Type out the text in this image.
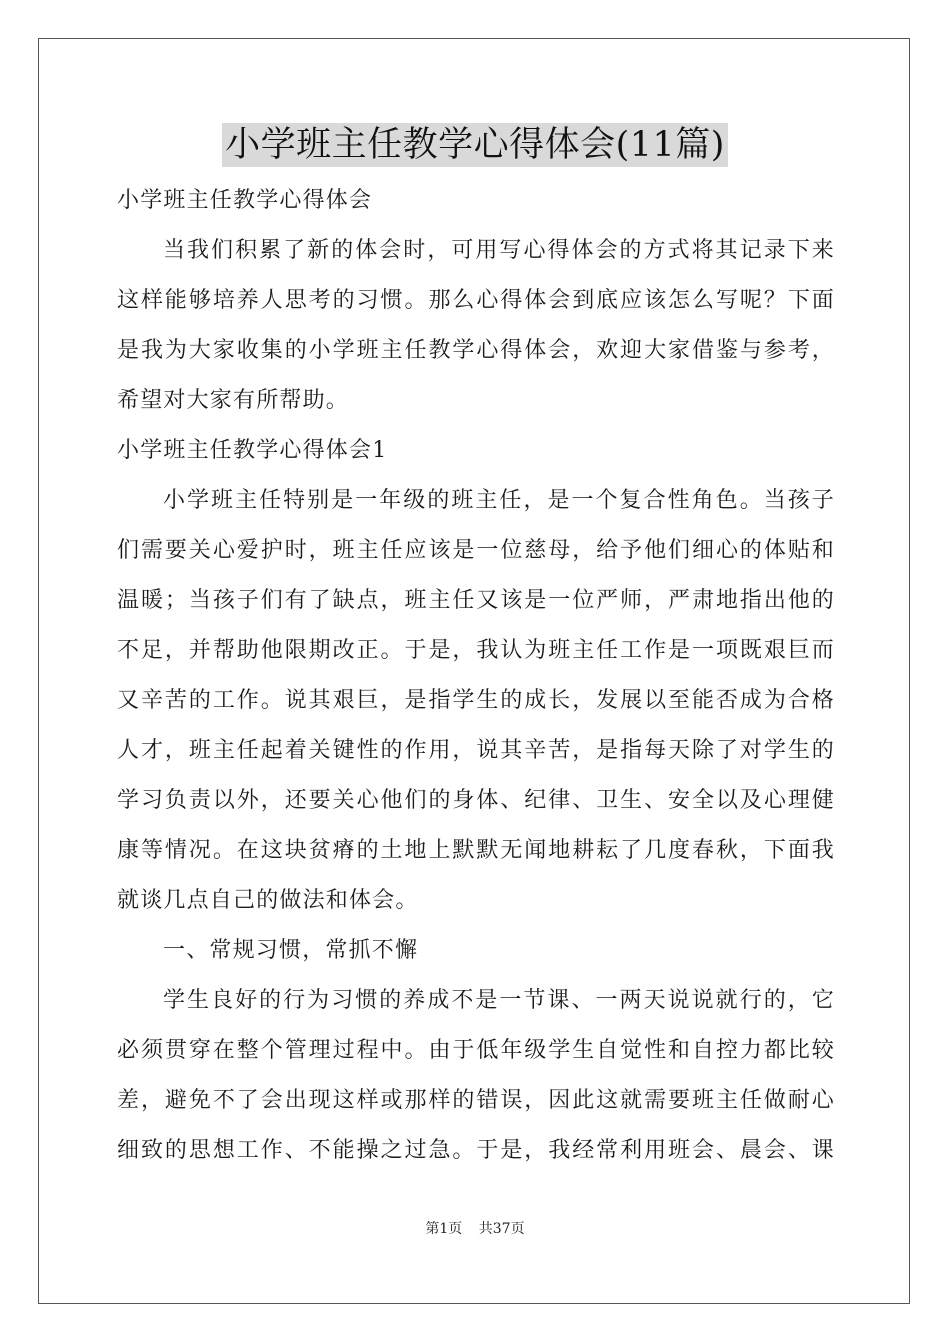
小学班主任教学心得体会(11篇)
小学班主任教学心得体会
当我们积累了新的体会时，可用写心得体会的方式将其记录下来
这样能够培养人思考的习惯。那么心得体会到底应该怎么写呢？下面
是我为大家收集的小学班主任教学心得体会，欢迎大家借鉴与参考，
希望对大家有所帮助。
小学班主任教学心得体会1
小学班主任特别是一年级的班主任，是一个复合性角色。当孩子
们需要关心爱护时，班主任应该是一位慈母，给予他们细心的体贴和
温暖；当孩子们有了缺点，班主任又该是一位严师，严肃地指出他的
不足，并帮助他限期改正。于是，我认为班主任工作是一项既艰巨而
又辛苦的工作。说其艰巨，是指学生的成长，发展以至能否成为合格
人才，班主任起着关键性的作用，说其辛苦，是指每天除了对学生的
学习负责以外，还要关心他们的身体、纪律、卫生、安全以及心理健
康等情况。在这块贫瘠的土地上默默无闻地耕耘了几度春秋，下面我
就谈几点自己的做法和体会。
一、常规习惯，常抓不懈
学生良好的行为习惯的养成不是一节课、一两天说说就行的，它
必须贯穿在整个管理过程中。由于低年级学生自觉性和自控力都比较
差，避免不了会出现这样或那样的错误，因此这就需要班主任做耐心
细致的思想工作、不能操之过急。于是，我经常利用班会、晨会、课
第1页 共37页
